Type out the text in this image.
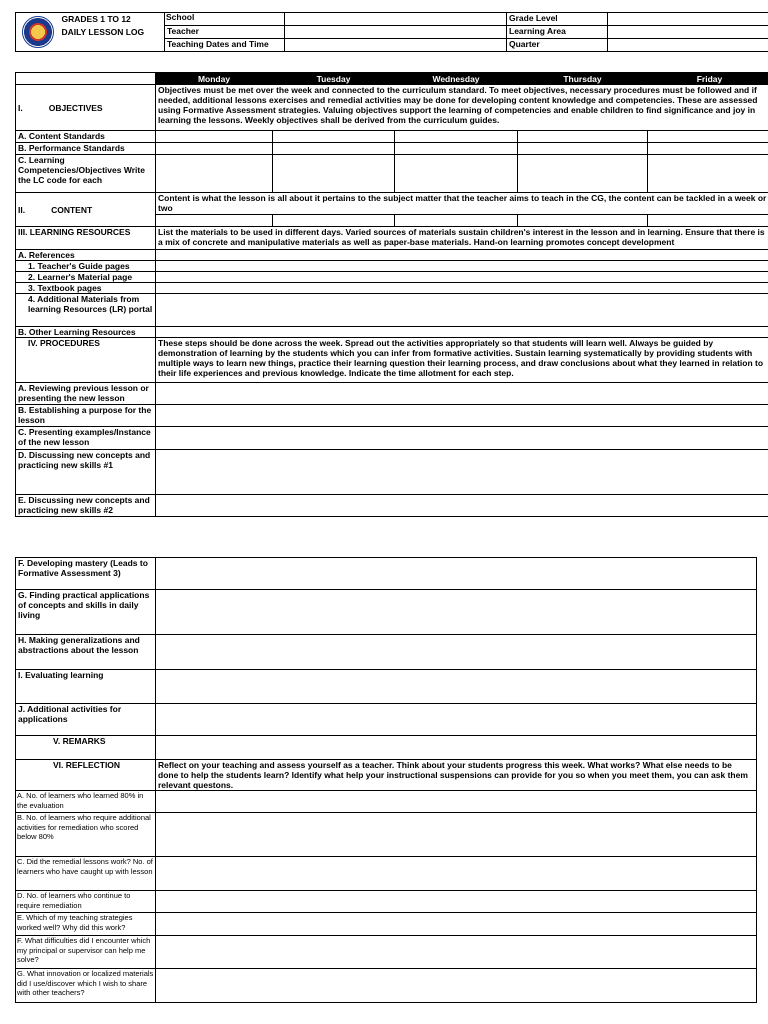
	GRADES 1 TO 12
DAILY LESSON LOG	School		Grade Level	
		Teacher		Learning Area	
		Teaching Dates and Time		Quarter	
	Monday	Tuesday	Wednesday	Thursday	Friday
I. OBJECTIVES	Objectives must be met over the week and connected to the curriculum standard. To meet objectives, necessary procedures must be followed and if needed, additional lessons exercises and remedial activities may be done for developing content knowledge and competencies. These are assessed using Formative Assessment strategies. Valuing objectives support the learning of competencies and enable children to find significance and joy in learning the lessons. Weekly objectives shall be derived from the curriculum guides.				
A. Content Standards					
B. Performance Standards					
C. Learning Competencies/Objectives Write the LC code for each					
II. CONTENT	Content is what the lesson is all about it pertains to the subject matter that the teacher aims to teach in the CG, the content can be tackled in a week or two				

III. LEARNING RESOURCES	List the materials to be used in different days. Varied sources of materials sustain children's interest in the lesson and in learning. Ensure that there is a mix of concrete and manipulative materials as well as paper-base materials. Hand-on learning promotes concept development				
A. References					
1. Teacher's Guide pages					
2. Learner's Material page					
3. Textbook pages					
4. Additional Materials from learning Resources (LR) portal					
B. Other Learning Resources					
IV. PROCEDURES	These steps should be done across the week. Spread out the activities appropriately so that students will learn well. Always be guided by demonstration of learning by the students which you can infer from formative activities. Sustain learning systematically by providing students with multiple ways to learn new things, practice their learning question their learning process, and draw conclusions about what they learned in relation to their life experiences and previous knowledge. Indicate the time allotment for each step.				
A. Reviewing previous lesson or presenting the new lesson					
B. Establishing a purpose for the lesson					
C. Presenting examples/Instance of the new lesson					
D. Discussing new concepts and practicing new skills #1					
E. Discussing new concepts and practicing new skills #2					
F. Developing mastery (Leads to Formative Assessment 3)	
G. Finding practical applications of concepts and skills in daily living	
H. Making generalizations and abstractions about the lesson	
I. Evaluating learning	
J. Additional activities for applications	
V. REMARKS	
VI. REFLECTION	Reflect on your teaching and assess yourself as a teacher. Think about your students progress this week. What works? What else needs to be done to help the students learn? Identify what help your instructional suspensions can provide for you so when you meet them, you can ask them relevant questons.
A. No. of learners who learned 80% in the evaluation	
B. No. of learners who require additional activities for remediation who scored below 80%	
C. Did the remedial lessons work? No. of learners who have caught up with lesson	
D. No. of learners who continue to require remediation	
E. Which of my teaching strategies worked well? Why did this work?	
F. What difficulties did I encounter which my principal or supervisor can help me solve?	
G. What innovation or localized materials did I use/discover which I wish to share with other teachers?	
